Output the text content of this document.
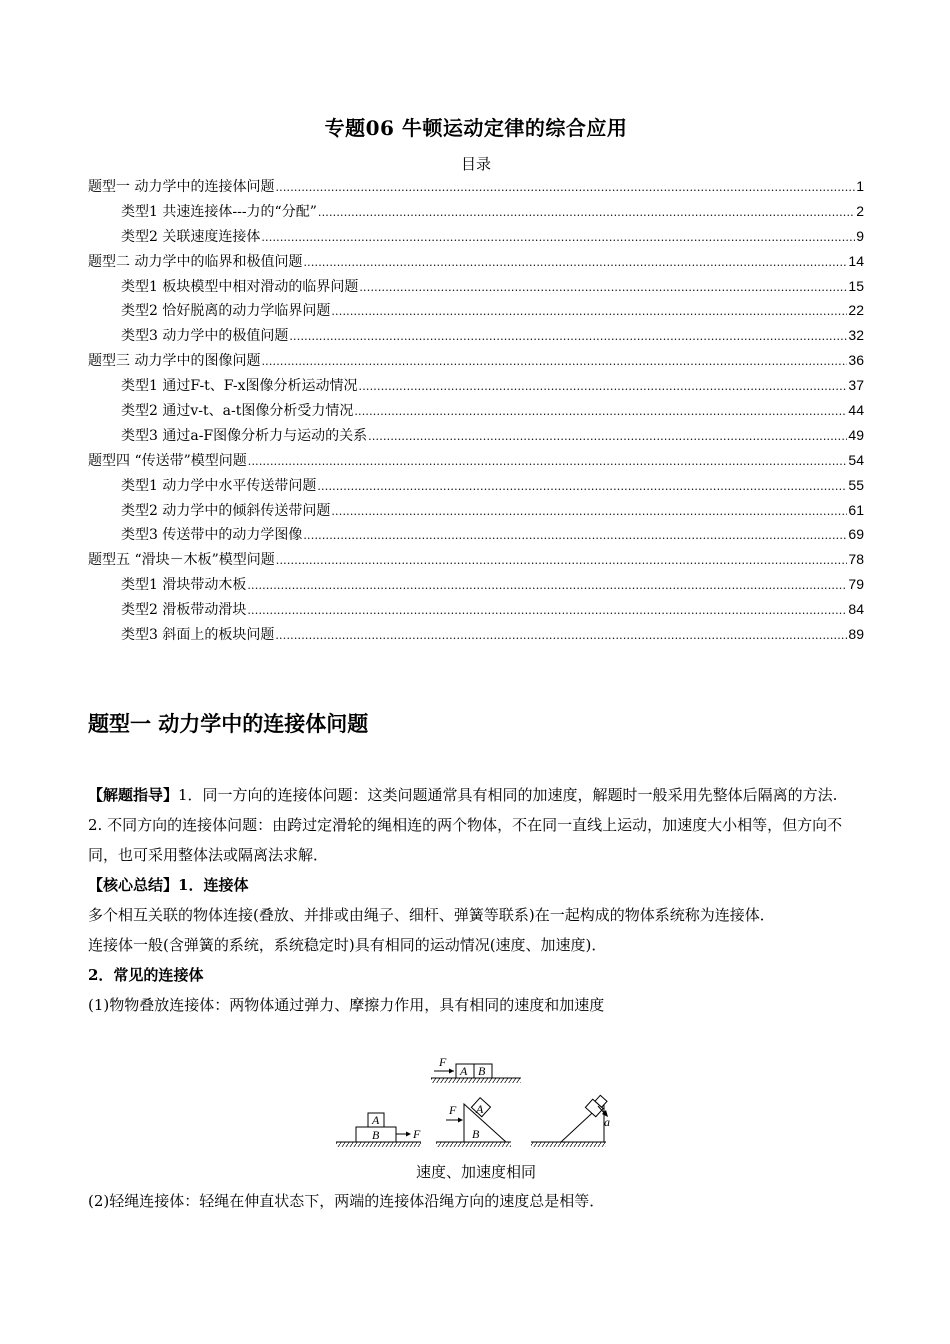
专题06 牛顿运动定律的综合应用
目录
题型一 动力学中的连接体问题 .....	1
类型1 共速连接体---力的“分配” .....	2
类型2 关联速度连接体 .....	9
题型二 动力学中的临界和极值问题 .....	14
类型1 板块模型中相对滑动的临界问题 .....	15
类型2 恰好脱离的动力学临界问题 .....	22
类型3 动力学中的极值问题 .....	32
题型三 动力学中的图像问题 .....	36
类型1 通过F-t、F-x图像分析运动情况 .....	37
类型2 通过v-t、a-t图像分析受力情况 .....	44
类型3 通过a-F图像分析力与运动的关系 .....	49
题型四 “传送带”模型问题 .....	54
类型1 动力学中水平传送带问题 .....	55
类型2 动力学中的倾斜传送带问题 .....	61
类型3 传送带中的动力学图像 .....	69
题型五 “滑块－木板”模型问题 .....	78
类型1 滑块带动木板 .....	79
类型2 滑板带动滑块 .....	84
类型3 斜面上的板块问题 .....	89
题型一 动力学中的连接体问题

【解题指导】1．同一方向的连接体问题：这类问题通常具有相同的加速度，解题时一般采用先整体后隔离的方法.

2. 不同方向的连接体问题：由跨过定滑轮的绳相连的两个物体，不在同一直线上运动，加速度大小相等，但方向不同，也可采用整体法或隔离法求解．

【核心总结】1．连接体

多个相互关联的物体连接(叠放、并排或由绳子、细杆、弹簧等联系)在一起构成的物体系统称为连接体．

连接体一般(含弹簧的系统，系统稳定时)具有相同的运动情况(速度、加速度)．

2．常见的连接体

(1)物物叠放连接体：两物体通过弹力、摩擦力作用，具有相同的速度和加速度

A B
F
A
B	F
A
B
F
a
速度、加速度相同
(2)轻绳连接体：轻绳在伸直状态下，两端的连接体沿绳方向的速度总是相等．
